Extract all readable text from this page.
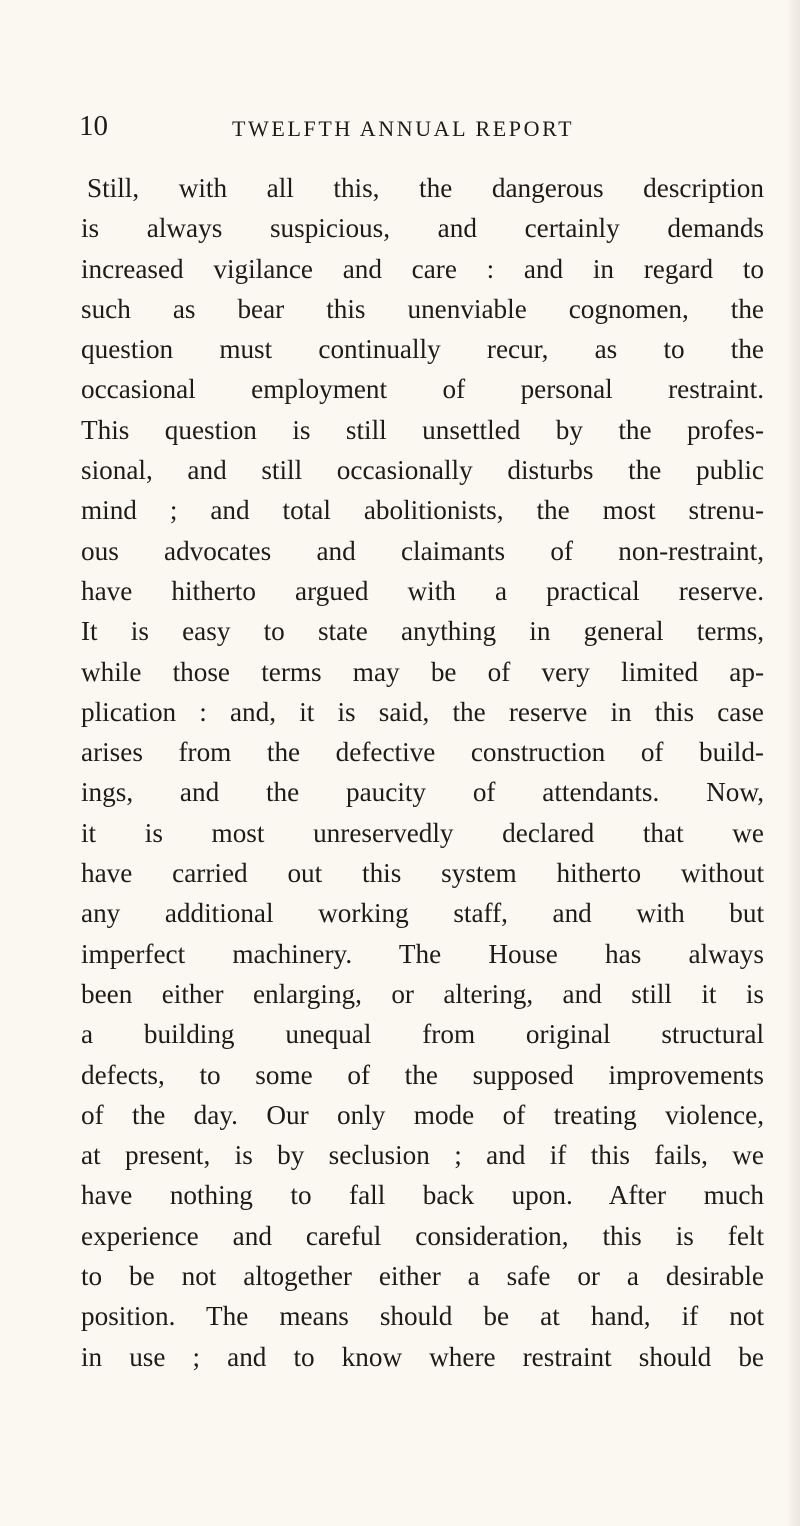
10	TWELFTH ANNUAL REPORT
Still, with all this, the dangerous description
is always suspicious, and certainly demands
increased vigilance and care : and in regard to
such as bear this unenviable cognomen, the
question must continually recur, as to the
occasional employment of personal restraint.
This question is still unsettled by the profes-
sional, and still occasionally disturbs the public
mind ; and total abolitionists, the most strenu-
ous advocates and claimants of non-restraint,
have hitherto argued with a practical reserve.
It is easy to state anything in general terms,
while those terms may be of very limited ap-
plication : and, it is said, the reserve in this case
arises from the defective construction of build-
ings, and the paucity of attendants. Now,
it is most unreservedly declared that we
have carried out this system hitherto without
any additional working staff, and with but
imperfect machinery. The House has always
been either enlarging, or altering, and still it is
a building unequal from original structural
defects, to some of the supposed improvements
of the day. Our only mode of treating violence,
at present, is by seclusion ; and if this fails, we
have nothing to fall back upon. After much
experience and careful consideration, this is felt
to be not altogether either a safe or a desirable
position. The means should be at hand, if not
in use ; and to know where restraint should be
